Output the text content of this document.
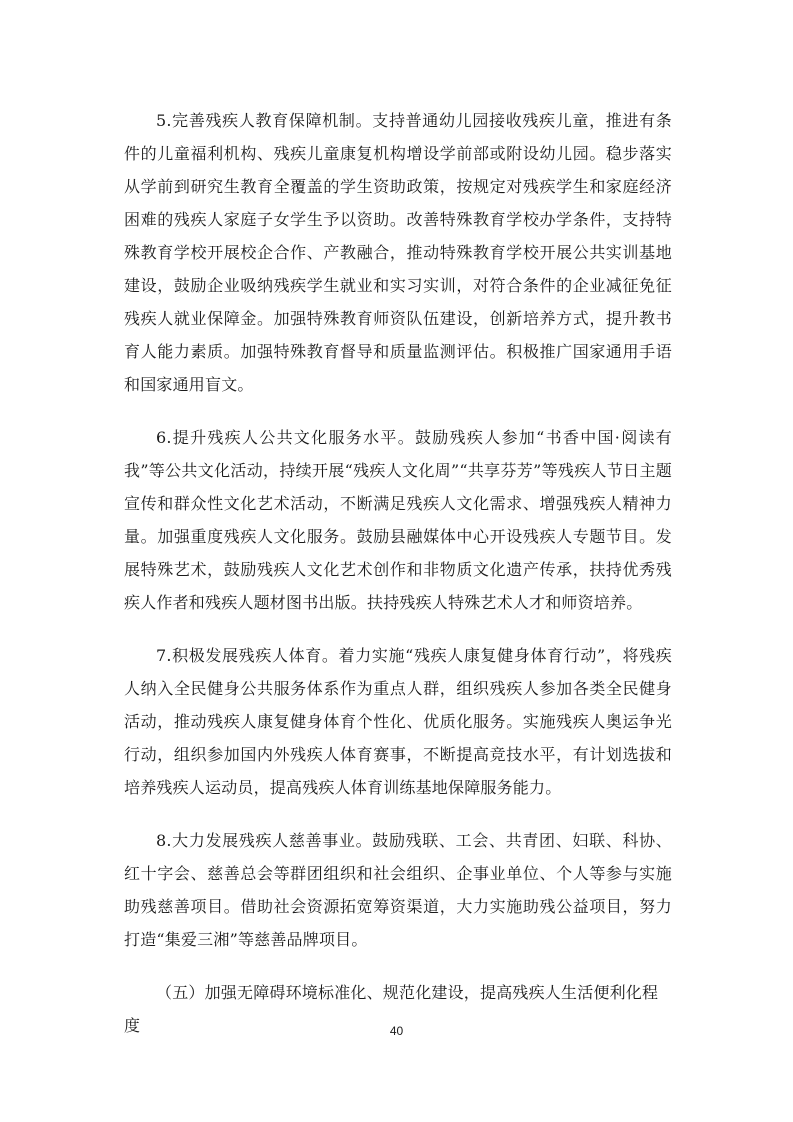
5.完善残疾人教育保障机制。支持普通幼儿园接收残疾儿童，推进有条件的儿童福利机构、残疾儿童康复机构增设学前部或附设幼儿园。稳步落实从学前到研究生教育全覆盖的学生资助政策，按规定对残疾学生和家庭经济困难的残疾人家庭子女学生予以资助。改善特殊教育学校办学条件，支持特殊教育学校开展校企合作、产教融合，推动特殊教育学校开展公共实训基地建设，鼓励企业吸纳残疾学生就业和实习实训，对符合条件的企业减征免征残疾人就业保障金。加强特殊教育师资队伍建设，创新培养方式，提升教书育人能力素质。加强特殊教育督导和质量监测评估。积极推广国家通用手语和国家通用盲文。

6.提升残疾人公共文化服务水平。鼓励残疾人参加“书香中国·阅读有我”等公共文化活动，持续开展“残疾人文化周”“共享芬芳”等残疾人节日主题宣传和群众性文化艺术活动，不断满足残疾人文化需求、增强残疾人精神力量。加强重度残疾人文化服务。鼓励县融媒体中心开设残疾人专题节目。发展特殊艺术，鼓励残疾人文化艺术创作和非物质文化遗产传承，扶持优秀残疾人作者和残疾人题材图书出版。扶持残疾人特殊艺术人才和师资培养。

7.积极发展残疾人体育。着力实施“残疾人康复健身体育行动”，将残疾人纳入全民健身公共服务体系作为重点人群，组织残疾人参加各类全民健身活动，推动残疾人康复健身体育个性化、优质化服务。实施残疾人奥运争光行动，组织参加国内外残疾人体育赛事，不断提高竞技水平，有计划选拔和培养残疾人运动员，提高残疾人体育训练基地保障服务能力。

8.大力发展残疾人慈善事业。鼓励残联、工会、共青团、妇联、科协、红十字会、慈善总会等群团组织和社会组织、企事业单位、个人等参与实施助残慈善项目。借助社会资源拓宽筹资渠道，大力实施助残公益项目，努力打造“集爱三湘”等慈善品牌项目。

（五）加强无障碍环境标准化、规范化建设，提高残疾人生活便利化程度	40
